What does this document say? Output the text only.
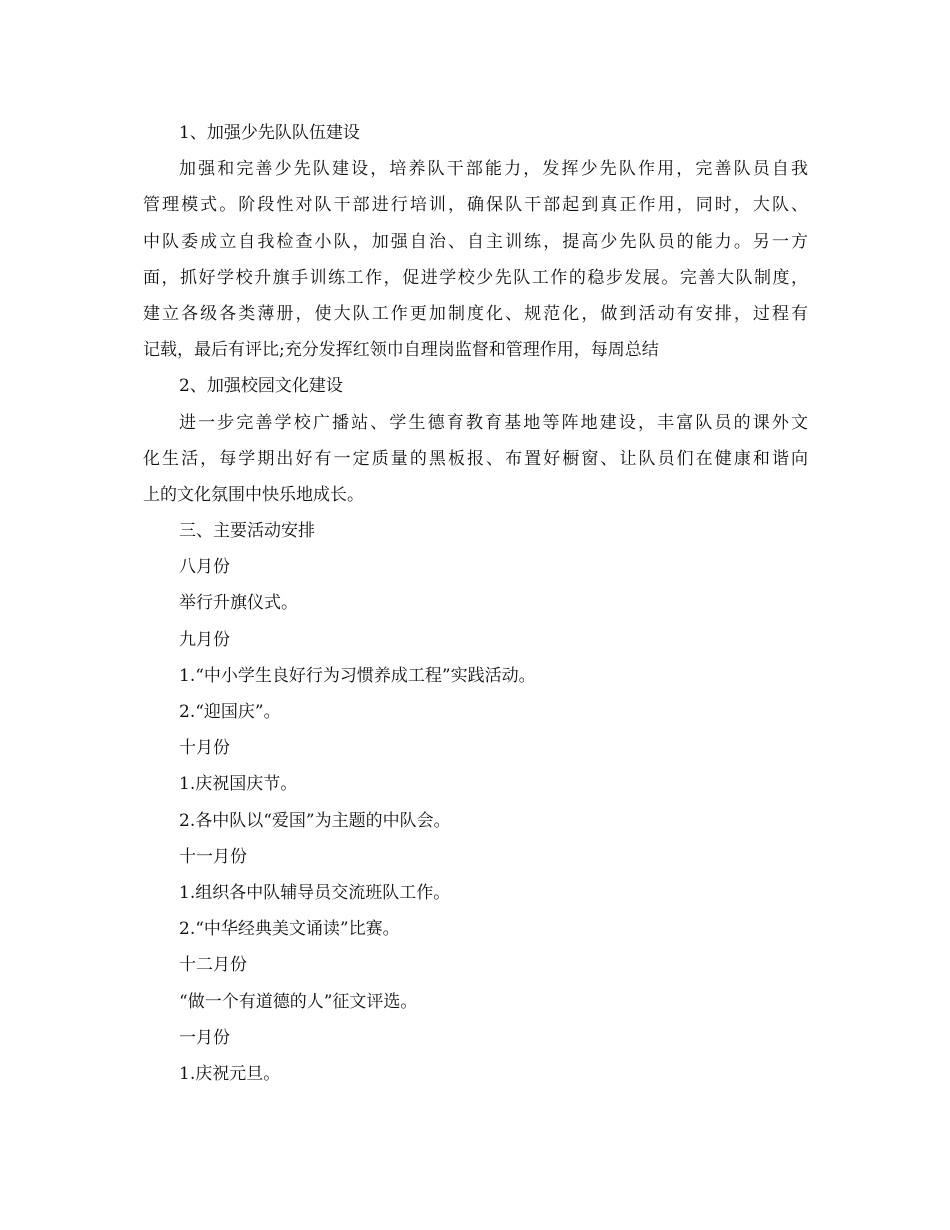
1、加强少先队队伍建设
加强和完善少先队建设，培养队干部能力，发挥少先队作用，完善队员自我
管理模式。阶段性对队干部进行培训，确保队干部起到真正作用，同时，大队、
中队委成立自我检查小队，加强自治、自主训练，提高少先队员的能力。另一方
面，抓好学校升旗手训练工作，促进学校少先队工作的稳步发展。完善大队制度，
建立各级各类薄册，使大队工作更加制度化、规范化，做到活动有安排，过程有
记载，最后有评比;充分发挥红领巾自理岗监督和管理作用，每周总结
2、加强校园文化建设
进一步完善学校广播站、学生德育教育基地等阵地建设，丰富队员的课外文
化生活，每学期出好有一定质量的黑板报、布置好橱窗、让队员们在健康和谐向
上的文化氛围中快乐地成长。
三、主要活动安排
八月份
举行升旗仪式。
九月份
1.“中小学生良好行为习惯养成工程”实践活动。
2.“迎国庆”。
十月份
1.庆祝国庆节。
2.各中队以“爱国”为主题的中队会。
十一月份
1.组织各中队辅导员交流班队工作。
2.“中华经典美文诵读”比赛。
十二月份
“做一个有道德的人”征文评选。
一月份
1.庆祝元旦。
